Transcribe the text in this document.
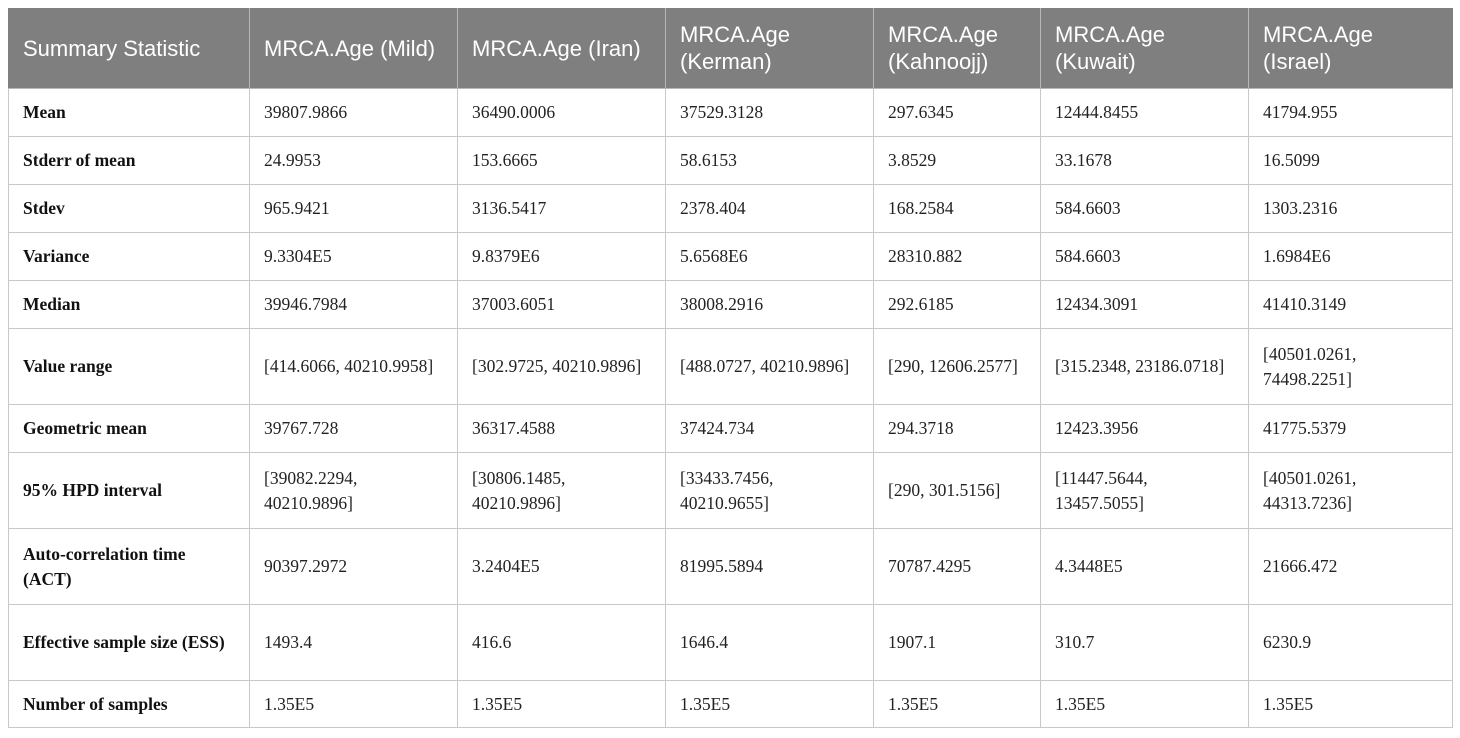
Summary Statistic	MRCA.Age (Mild)	MRCA.Age (Iran)	MRCA.Age (Kerman)	MRCA.Age (Kahnoojj)	MRCA.Age (Kuwait)	MRCA.Age (Israel)
Mean	39807.9866	36490.0006	37529.3128	297.6345	12444.8455	41794.955
Stderr of mean	24.9953	153.6665	58.6153	3.8529	33.1678	16.5099
Stdev	965.9421	3136.5417	2378.404	168.2584	584.6603	1303.2316
Variance	9.3304E5	9.8379E6	5.6568E6	28310.882	584.6603	1.6984E6
Median	39946.7984	37003.6051	38008.2916	292.6185	12434.3091	41410.3149
Value range	[414.6066, 40210.9958]	[302.9725, 40210.9896]	[488.0727, 40210.9896]	[290, 12606.2577]	[315.2348, 23186.0718]	[40501.0261, 74498.2251]
Geometric mean	39767.728	36317.4588	37424.734	294.3718	12423.3956	41775.5379
95% HPD interval	[39082.2294, 40210.9896]	[30806.1485, 40210.9896]	[33433.7456, 40210.9655]	[290, 301.5156]	[11447.5644, 13457.5055]	[40501.0261, 44313.7236]
Auto-correlation time (ACT)	90397.2972	3.2404E5	81995.5894	70787.4295	4.3448E5	21666.472
Effective sample size (ESS)	1493.4	416.6	1646.4	1907.1	310.7	6230.9
Number of samples	1.35E5	1.35E5	1.35E5	1.35E5	1.35E5	1.35E5
